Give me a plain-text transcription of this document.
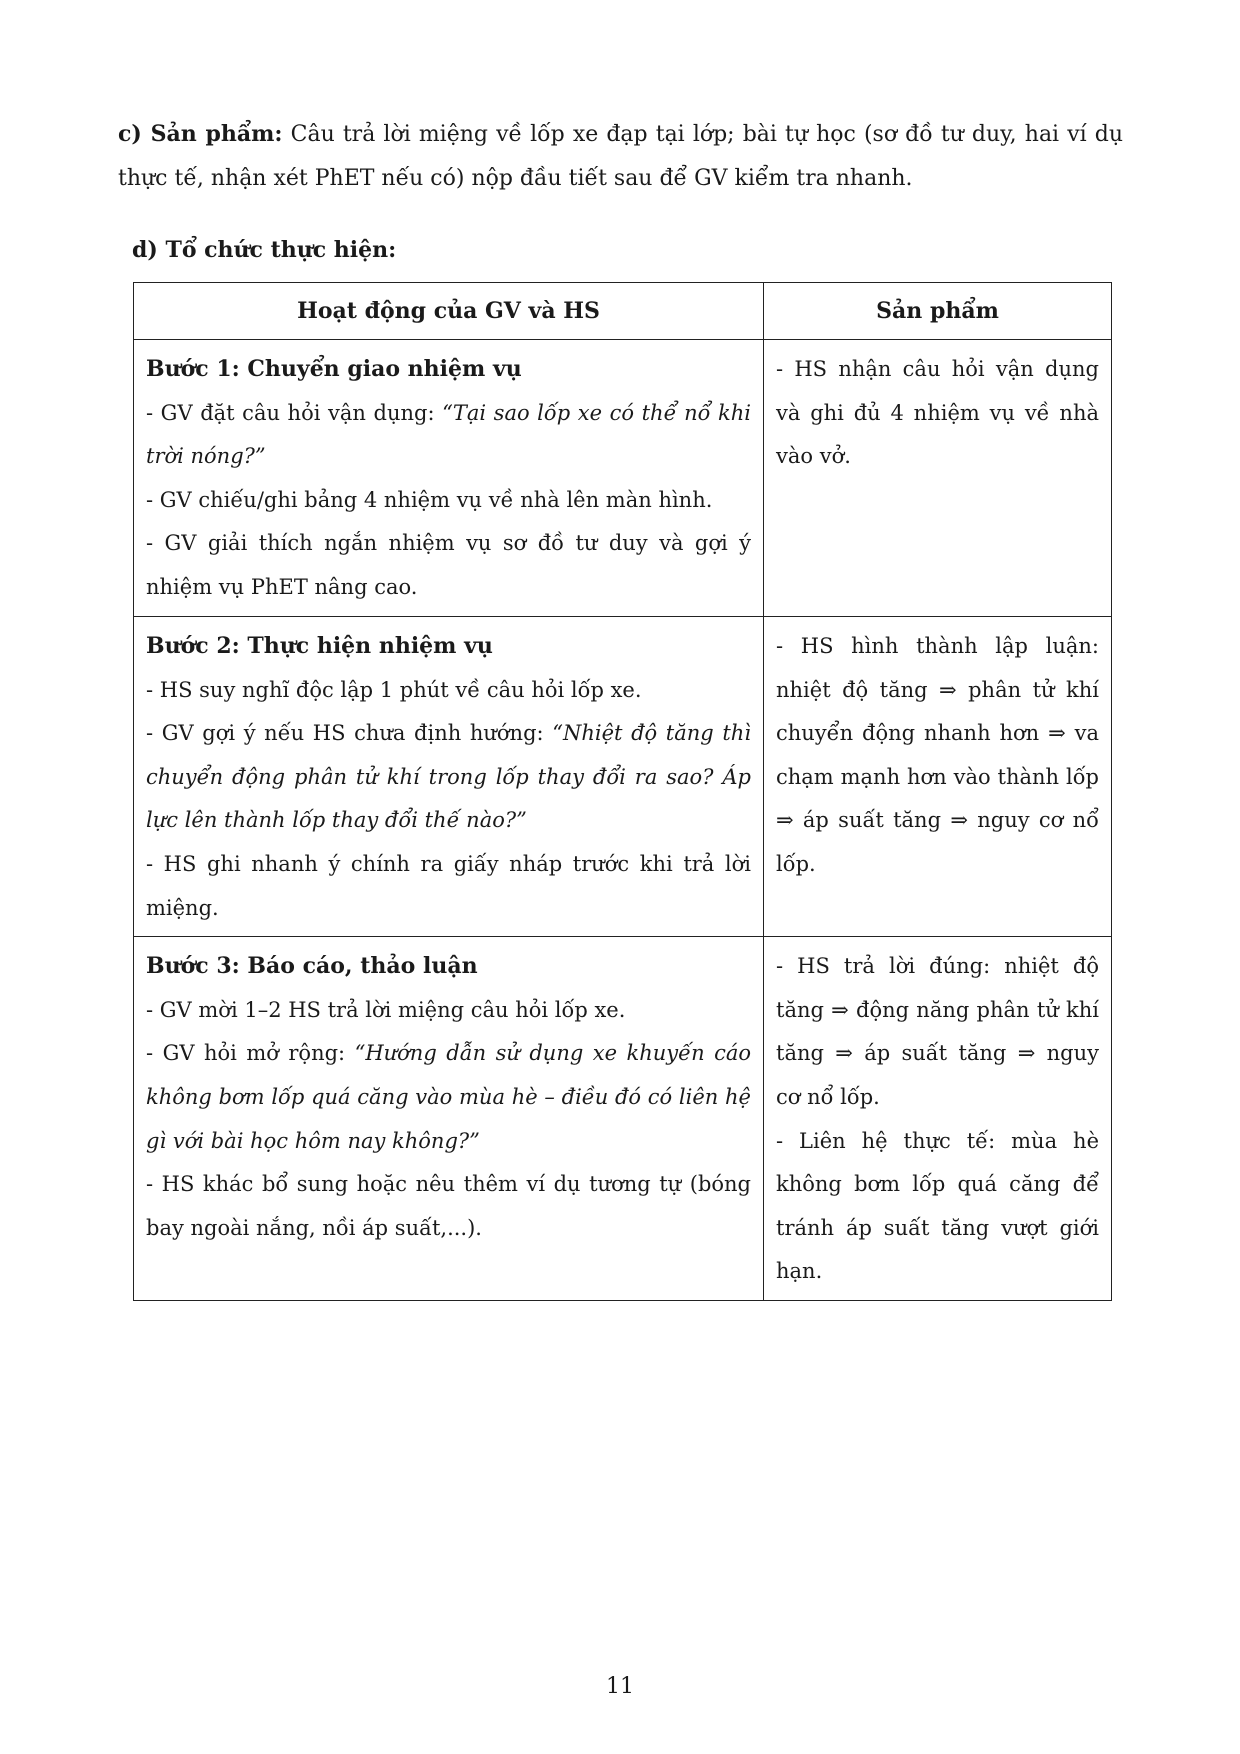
c) Sản phẩm: Câu trả lời miệng về lốp xe đạp tại lớp; bài tự học (sơ đồ tư duy, hai ví dụ thực tế, nhận xét PhET nếu có) nộp đầu tiết sau để GV kiểm tra nhanh.

d) Tổ chức thực hiện:
Hoạt động của GV và HS	Sản phẩm

Bước 1: Chuyển giao nhiệm vụ
- GV đặt câu hỏi vận dụng: “Tại sao lốp xe có thể nổ khi trời nóng?”
- GV chiếu/ghi bảng 4 nhiệm vụ về nhà lên màn hình.
- GV giải thích ngắn nhiệm vụ sơ đồ tư duy và gợi ý nhiệm vụ PhET nâng cao.	- HS nhận câu hỏi vận dụng và ghi đủ 4 nhiệm vụ về nhà vào vở.

Bước 2: Thực hiện nhiệm vụ
- HS suy nghĩ độc lập 1 phút về câu hỏi lốp xe.
- GV gợi ý nếu HS chưa định hướng: “Nhiệt độ tăng thì chuyển động phân tử khí trong lốp thay đổi ra sao? Áp lực lên thành lốp thay đổi thế nào?”
- HS ghi nhanh ý chính ra giấy nháp trước khi trả lời miệng.	- HS hình thành lập luận: nhiệt độ tăng ⇒ phân tử khí chuyển động nhanh hơn ⇒ va chạm mạnh hơn vào thành lốp ⇒ áp suất tăng ⇒ nguy cơ nổ lốp.

Bước 3: Báo cáo, thảo luận
- GV mời 1–2 HS trả lời miệng câu hỏi lốp xe.
- GV hỏi mở rộng: “Hướng dẫn sử dụng xe khuyến cáo không bơm lốp quá căng vào mùa hè – điều đó có liên hệ gì với bài học hôm nay không?”
- HS khác bổ sung hoặc nêu thêm ví dụ tương tự (bóng bay ngoài nắng, nồi áp suất,...).	- HS trả lời đúng: nhiệt độ tăng ⇒ động năng phân tử khí tăng ⇒ áp suất tăng ⇒ nguy cơ nổ lốp.
- Liên hệ thực tế: mùa hè không bơm lốp quá căng để tránh áp suất tăng vượt giới hạn.
11
